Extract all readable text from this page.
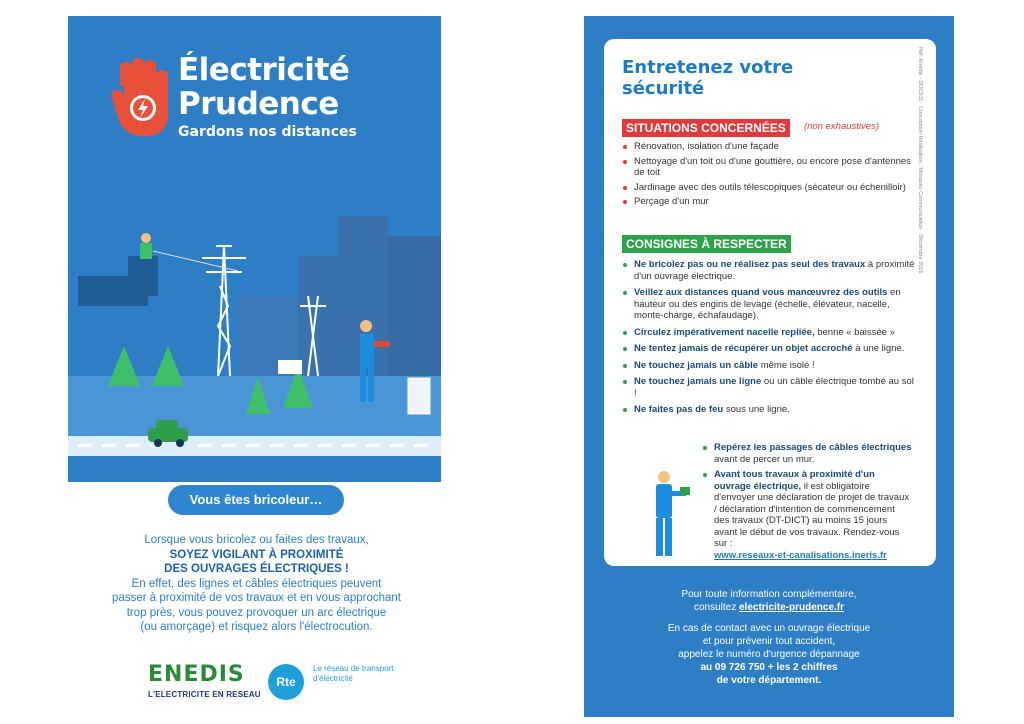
Électricité
Prudence
Gardons nos distances
Vous êtes bricoleur…
Lorsque vous bricolez ou faites des travaux,
SOYEZ VIGILANT À PROXIMITÉ
DES OUVRAGES ÉLECTRIQUES !
En effet, des lignes et câbles électriques peuvent
passer à proximité de vos travaux et en vous approchant
trop près, vous pouvez provoquer un arc électrique
(ou amorçage) et risquez alors l'électrocution.
ENEDIS
L'ELECTRICITE EN RESEAU
Rte
Le réseau de transport d'électricité
Entretenez votre sécurité	Réf. Enedis - DOC011 · Conception Réalisation : Mosquito Communication · Décembre 2016
SITUATIONS CONCERNÉES	(non exhaustives)
Rénovation, isolation d'une façade
Nettoyage d'un toit ou d'une gouttière, ou encore pose d'antennes de toit
Jardinage avec des outils télescopiques (sécateur ou échenilloir)
Perçage d'un mur
CONSIGNES À RESPECTER
Ne bricolez pas ou ne réalisez pas seul des travaux à proximité d'un ouvrage électrique.
Veillez aux distances quand vous manœuvrez des outils en hauteur ou des engins de levage (échelle, élévateur, nacelle, monte-charge, échafaudage).
Circulez impérativement nacelle repliée, benne « baissée »
Ne tentez jamais de récupérer un objet accroché à une ligne.
Ne touchez jamais un câble même isolé !
Ne touchez jamais une ligne ou un câble électrique tombé au sol !
Ne faites pas de feu sous une ligne.
Repérez les passages de câbles électriques avant de percer un mur.
Avant tous travaux à proximité d'un ouvrage électrique, il est obligatoire d'envoyer une déclaration de projet de travaux / déclaration d'intention de commencement des travaux (DT-DICT) au moins 15 jours avant le début de vos travaux. Rendez-vous sur :
www.reseaux-et-canalisations.ineris.fr
Pour toute information complémentaire,
consultez electricite-prudence.fr
En cas de contact avec un ouvrage électrique
et pour prévenir tout accident,
appelez le numéro d'urgence dépannage
au 09 726 750 + les 2 chiffres
de votre département.
